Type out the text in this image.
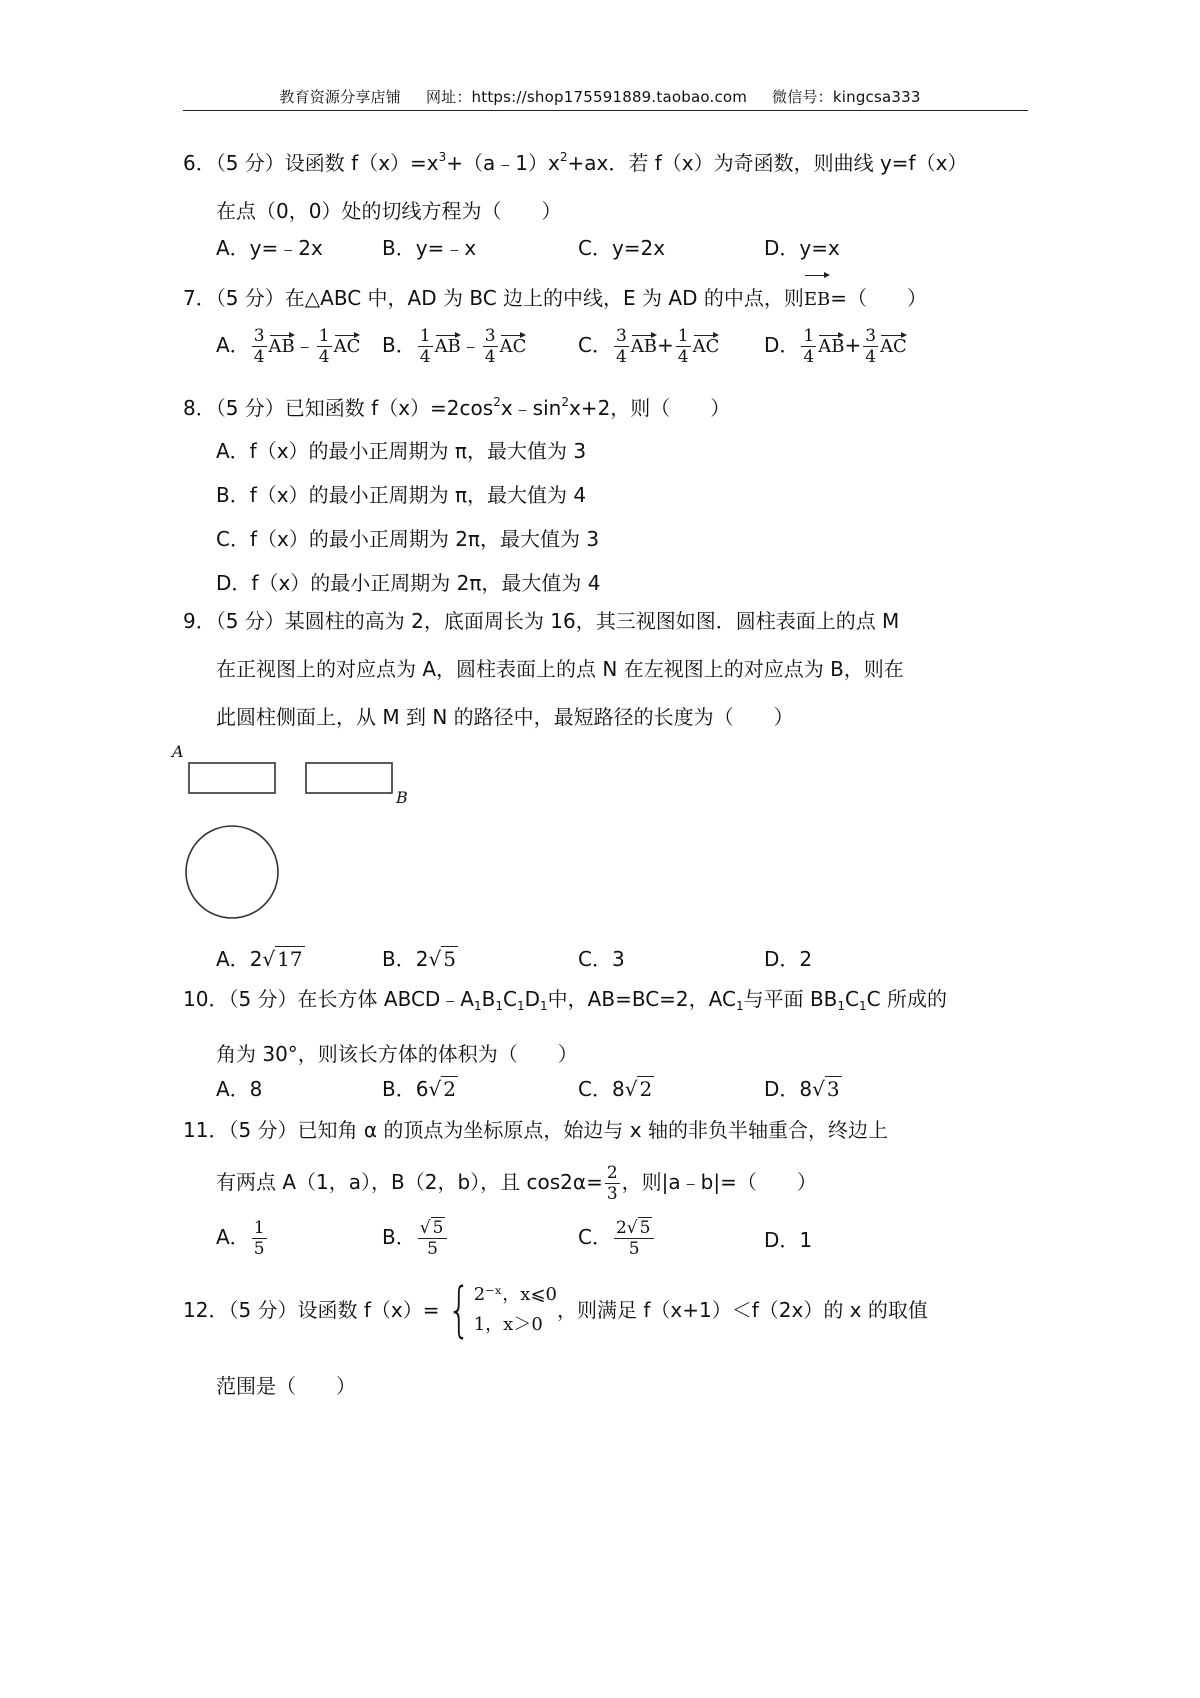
教育资源分享店铺 网址：https://shop175591889.taobao.com 微信号：kingcsa333
6．（5 分）设函数 $f(x)=x^3+(a﹣1)x^2+ax$．若 f（x）为奇函数，则曲线 y=f（x）
在点（0，0）处的切线方程为（　　）
A．y=﹣2x	B．y=﹣x	C．y=2x	D．y=x
7．（5 分）在△ABC 中，AD 为 BC 边上的中线，E 为 AD 的中点，则EB=（　　）
A． $\frac{3}{4}$ AB﹣ $\frac{1}{4}$ AC B． $\frac{1}{4}$ AB﹣ $\frac{3}{4}$ AC	C． $\frac{3}{4} AB+ \frac{1}{4}$ AC D． $\frac{1}{4} AB+ \frac{3}{4}$ AC
8．（5 分）已知函数 $f(x)=2\cos^2x﹣\sin^2x+2$，则（　　）
A．f（x）的最小正周期为 π，最大值为 3
B．f（x）的最小正周期为 π，最大值为 4
C．f（x）的最小正周期为 2π，最大值为 3
D．f（x）的最小正周期为 2π，最大值为 4
9．（5 分）某圆柱的高为 2，底面周长为 16，其三视图如图．圆柱表面上的点 M
在正视图上的对应点为 A，圆柱表面上的点 N 在左视图上的对应点为 B，则在
此圆柱侧面上，从 M 到 N 的路径中，最短路径的长度为（　　）
A
B
A．2√ 17	B．2√ 5	C．3	D．2
10．（5 分）在长方体 $ABCD﹣A_1B_1C_1D_1$中，AB=BC=2，$AC_1$与平面 $BB_1C_1C$ 所成的
角为 30°，则该长方体的体积为（　　）
A．8	B．6√ 2	C．8√ 2	D．8√ 3
11．（5 分）已知角 α 的顶点为坐标原点，始边与 x 轴的非负半轴重合，终边上
有两点 A（1，a），B（2，b），且 $\cos 2\alpha= \frac{2}{3}$ ，则|a﹣b|=（　　）
A． $\frac{1}{5}$	B． $\frac{√ 5}{5}$	C． $\frac{2√ 5}{5}$	D．1
12．（5 分）设函数 f（x）= { 2⁻ˣ，x⩽0
1，x＞0
，则满足 f（x+1）＜f（2x）的 x 的取值
范围是（　　）
